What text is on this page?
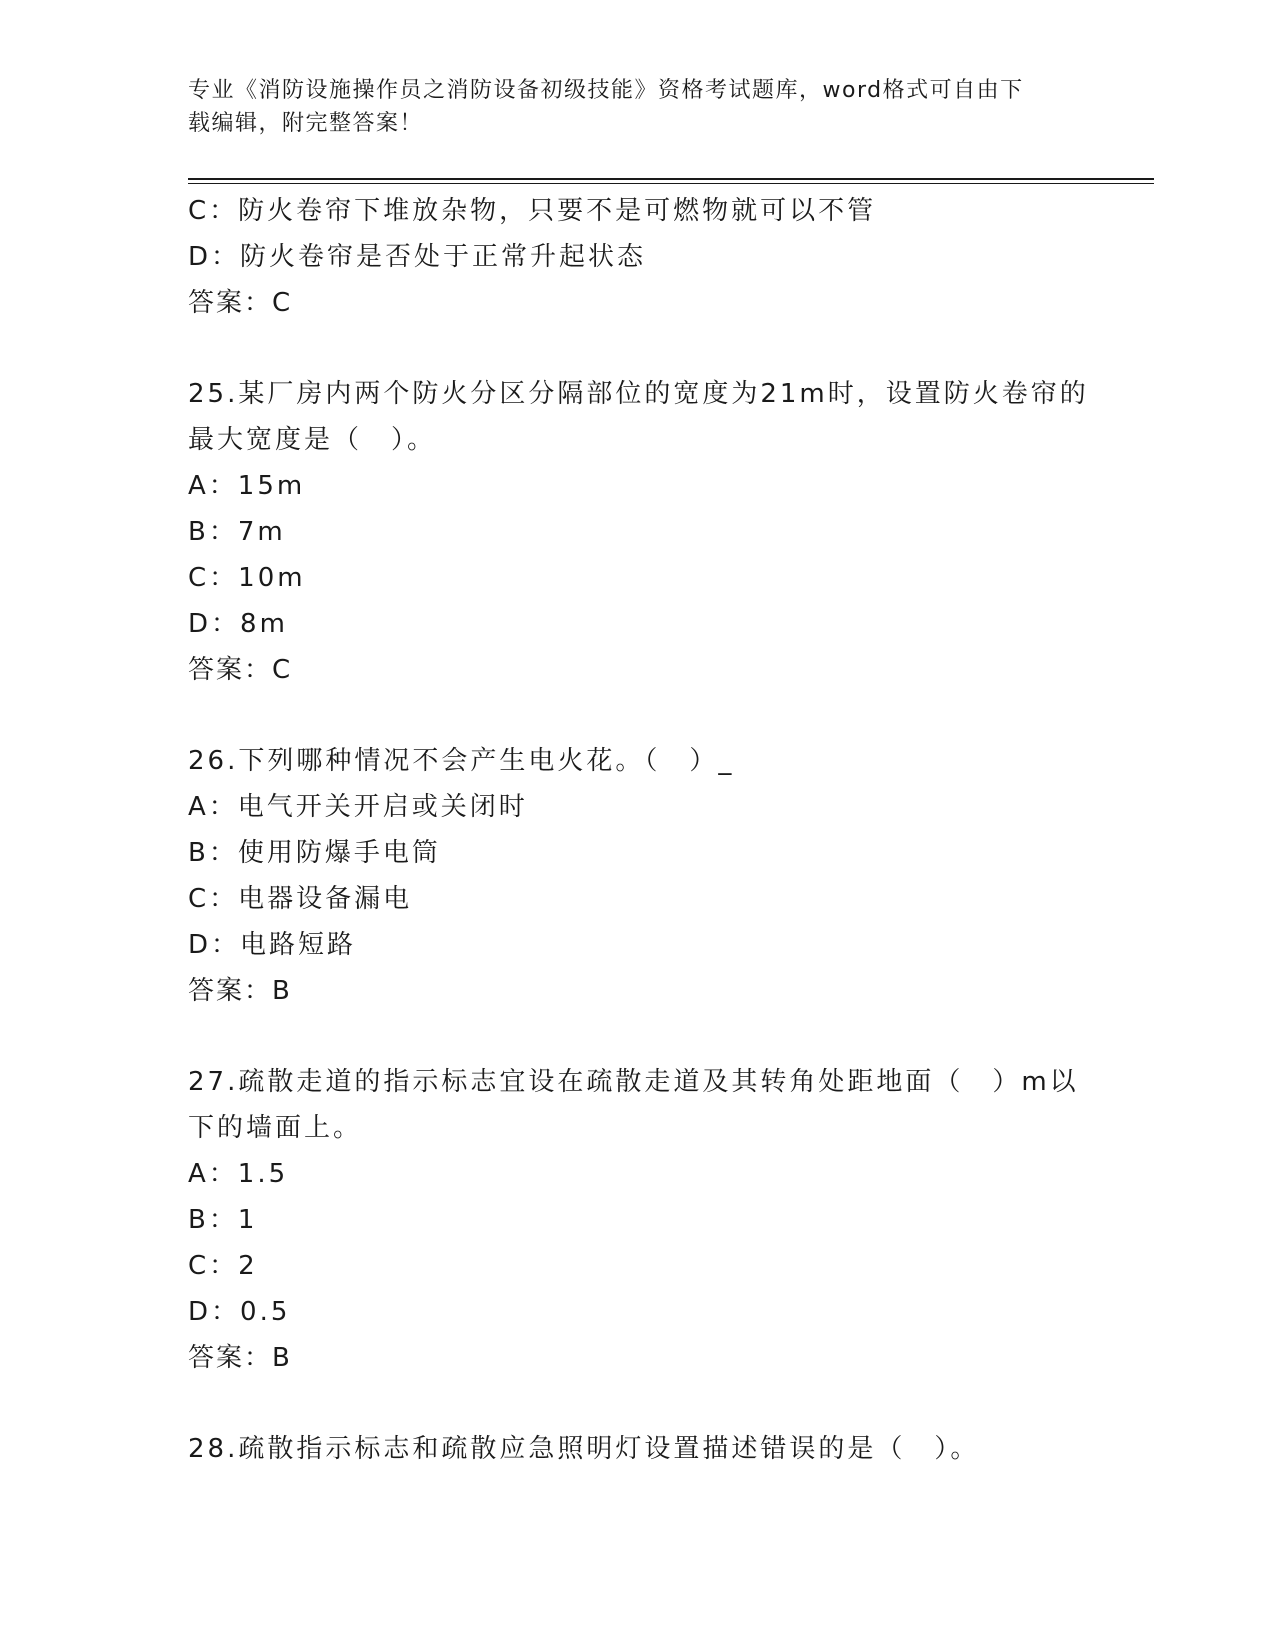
专业《消防设施操作员之消防设备初级技能》资格考试题库，word格式可自由下
载编辑，附完整答案！
C：防火卷帘下堆放杂物，只要不是可燃物就可以不管
D：防火卷帘是否处于正常升起状态
答案：C
25.某厂房内两个防火分区分隔部位的宽度为21m时，设置防火卷帘的
最大宽度是（　）。
A：15m
B：7m
C：10m
D：8m
答案：C
26.下列哪种情况不会产生电火花。（　）_
A：电气开关开启或关闭时
B：使用防爆手电筒
C：电器设备漏电
D：电路短路
答案：B
27.疏散走道的指示标志宜设在疏散走道及其转角处距地面（　）m以
下的墙面上。
A：1.5
B：1
C：2
D：0.5
答案：B
28.疏散指示标志和疏散应急照明灯设置描述错误的是（　）。
